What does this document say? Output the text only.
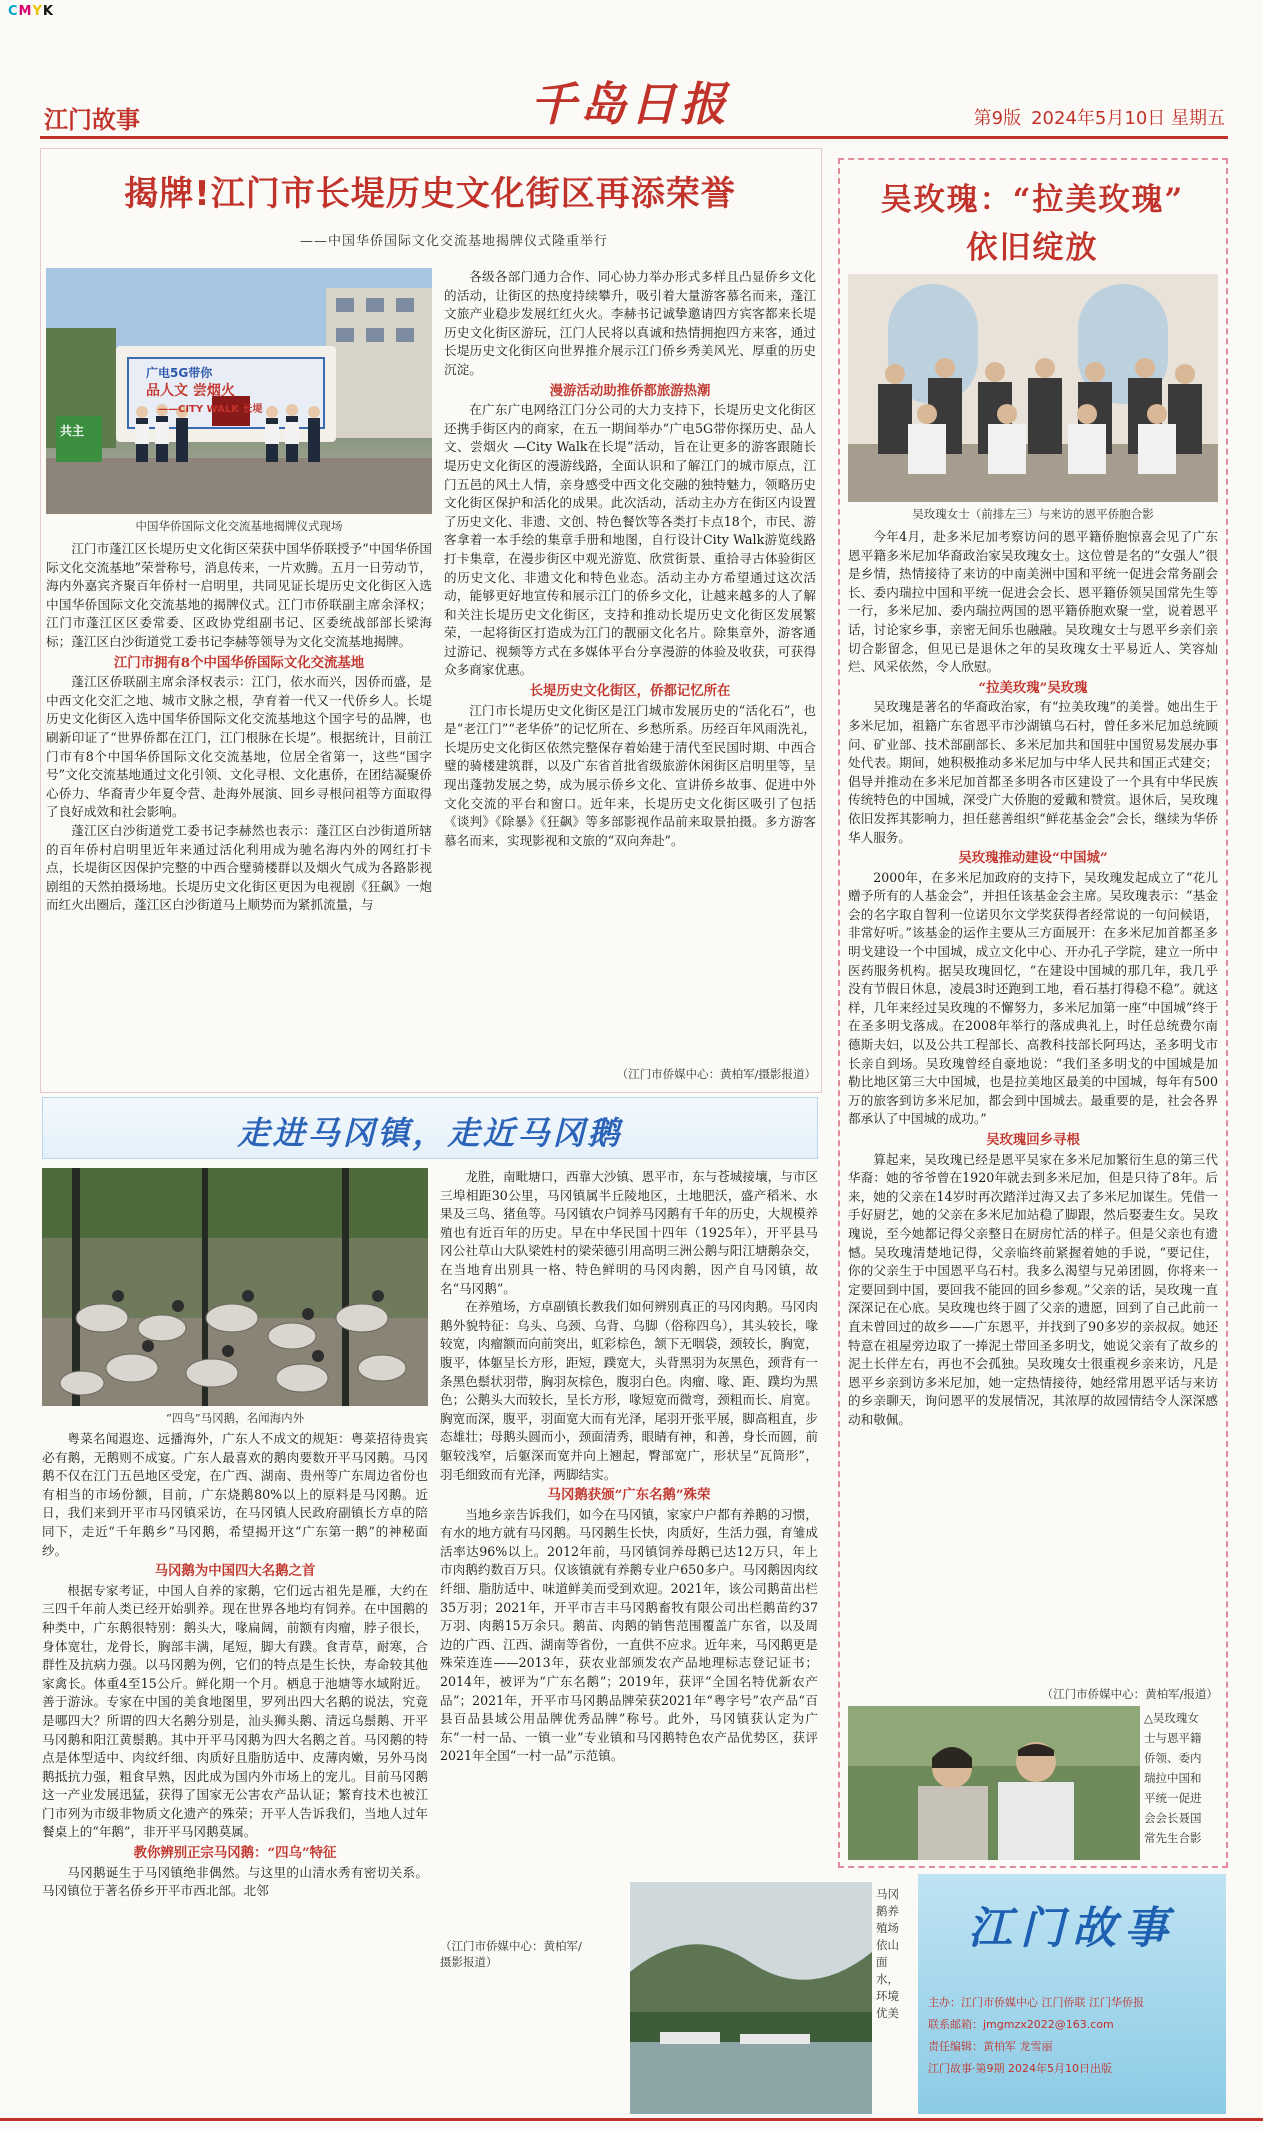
CMYK
江门故事	千岛日报	第9版 2024年5月10日 星期五
揭牌!江门市长堤历史文化街区再添荣誉
——中国华侨国际文化交流基地揭牌仪式隆重举行
广电5G带你
品人文 尝烟火
——CITY WALK 长堤
共主
中国华侨国际文化交流基地揭牌仪式现场

江门市蓬江区长堤历史文化街区荣获中国华侨联授予“中国华侨国际文化交流基地”荣誉称号，消息传来，一片欢腾。五月一日劳动节，海内外嘉宾齐聚百年侨村一启明里，共同见证长堤历史文化街区入选中国华侨国际文化交流基地的揭牌仪式。江门市侨联副主席余泽权；江门市蓬江区区委常委、区政协党组副书记、区委统战部部长梁海标；蓬江区白沙街道党工委书记李赫等领导为文化交流基地揭牌。

江门市拥有8个中国华侨国际文化交流基地

蓬江区侨联副主席余泽权表示：江门，依水而兴，因侨而盛，是中西文化交汇之地、城市文脉之根，孕育着一代又一代侨乡人。长堤历史文化街区入选中国华侨国际文化交流基地这个国字号的品牌，也刷新印证了“世界侨都在江门，江门根脉在长堤”。根据统计，目前江门市有8个中国华侨国际文化交流基地，位居全省第一，这些“国字号”文化交流基地通过文化引领、文化寻根、文化惠侨，在团结凝聚侨心侨力、华裔青少年夏令营、赴海外展演、回乡寻根问祖等方面取得了良好成效和社会影响。

蓬江区白沙街道党工委书记李赫然也表示：蓬江区白沙街道所辖的百年侨村启明里近年来通过活化利用成为驰名海内外的网红打卡点，长堤街区因保护完整的中西合璧骑楼群以及烟火气成为各路影视剧组的天然拍摄场地。长堤历史文化街区更因为电视剧《狂飙》一炮而红火出圈后，蓬江区白沙街道马上顺势而为紧抓流量，与

各级各部门通力合作、同心协力举办形式多样且凸显侨乡文化的活动，让街区的热度持续攀升，吸引着大量游客慕名而来，蓬江文旅产业稳步发展红红火火。李赫书记诚挚邀请四方宾客都来长堤历史文化街区游玩，江门人民将以真诚和热情拥抱四方来客，通过长堤历史文化街区向世界推介展示江门侨乡秀美风光、厚重的历史沉淀。

漫游活动助推侨都旅游热潮

在广东广电网络江门分公司的大力支持下，长堤历史文化街区还携手街区内的商家，在五一期间举办“广电5G带你探历史、品人文、尝烟火 —City Walk在长堤”活动，旨在让更多的游客跟随长堤历史文化街区的漫游线路，全面认识和了解江门的城市原点，江门五邑的风土人情，亲身感受中西文化交融的独特魅力，领略历史文化街区保护和活化的成果。此次活动，活动主办方在街区内设置了历史文化、非遗、文创、特色餐饮等各类打卡点18个，市民、游客拿着一本手绘的集章手册和地图，自行设计City Walk游览线路打卡集章，在漫步街区中观光游览、欣赏街景、重拾寻古体验街区的历史文化、非遗文化和特色业态。活动主办方希望通过这次活动，能够更好地宣传和展示江门的侨乡文化，让越来越多的人了解和关注长堤历史文化街区，支持和推动长堤历史文化街区发展繁荣，一起将街区打造成为江门的靓丽文化名片。除集章外，游客通过游记、视频等方式在多媒体平台分享漫游的体验及收获，可获得众多商家优惠。

长堤历史文化街区，侨都记忆所在

江门市长堤历史文化街区是江门城市发展历史的“活化石”，也是“老江门”“老华侨”的记忆所在、乡愁所系。历经百年风雨洗礼，长堤历史文化街区依然完整保存着始建于清代至民国时期、中西合璧的骑楼建筑群，以及广东省首批省级旅游休闲街区启明里等，呈现出蓬勃发展之势，成为展示侨乡文化、宣讲侨乡故事、促进中外文化交流的平台和窗口。近年来，长堤历史文化街区吸引了包括《谈判》《除暴》《狂飙》等多部影视作品前来取景拍摄。多方游客慕名而来，实现影视和文旅的“双向奔赴”。

（江门市侨媒中心：黄柏军/摄影报道）
走进马冈镇，走近马冈鹅
“四鸟”马冈鹅，名闻海内外

粤菜名闻遐迩、远播海外，广东人不成文的规矩：粤菜招待贵宾必有鹅，无鹅则不成宴。广东人最喜欢的鹅肉要数开平马冈鹅。马冈鹅不仅在江门五邑地区受宠，在广西、湖南、贵州等广东周边省份也有相当的市场份额，目前，广东烧鹅80%以上的原料是马冈鹅。近日，我们来到开平市马冈镇采访，在马冈镇人民政府副镇长方卓的陪同下，走近“千年鹅乡”马冈鹅，希望揭开这“广东第一鹅”的神秘面纱。

马冈鹅为中国四大名鹅之首

根据专家考证，中国人自养的家鹅，它们远古祖先是雁，大约在三四千年前人类已经开始驯养。现在世界各地均有饲养。在中国鹅的种类中，广东鹅很特别：鹅头大，喙扁阔，前额有肉瘤，脖子很长，身体宽壮，龙骨长，胸部丰满，尾短，脚大有蹼。食青草，耐寒，合群性及抗病力强。以马冈鹅为例，它们的特点是生长快，寿命较其他家禽长。体重4至15公斤。鲜化期一个月。栖息于池塘等水域附近。善于游泳。专家在中国的美食地图里，罗列出四大名鹅的说法，究竟是哪四大？所谓的四大名鹅分别是，汕头狮头鹅、清远乌鬃鹅、开平马冈鹅和阳江黄鬃鹅。其中开平马冈鹅为四大名鹅之首。马冈鹅的特点是体型适中、肉纹纤细、肉质好且脂肪适中、皮薄肉嫩，另外马岗鹅抵抗力强，粗食早熟，因此成为国内外市场上的宠儿。目前马冈鹅这一产业发展迅猛，获得了国家无公害农产品认证；繁育技术也被江门市列为市级非物质文化遗产的殊荣；开平人告诉我们，当地人过年餐桌上的“年鹅”，非开平马冈鹅莫属。

教你辨别正宗马冈鹅：“四乌”特征

马冈鹅诞生于马冈镇绝非偶然。与这里的山清水秀有密切关系。马冈镇位于著名侨乡开平市西北部。北邻

龙胜，南毗塘口，西靠大沙镇、恩平市，东与苍城接壤，与市区三埠相距30公里，马冈镇属半丘陵地区，土地肥沃，盛产稻米、水果及三鸟、猪鱼等。马冈镇农户饲养马冈鹅有千年的历史，大规模养殖也有近百年的历史。早在中华民国十四年（1925年），开平县马冈公社草山大队梁姓村的梁荣德引用高明三洲公鹅与阳江塘鹅杂交，在当地育出别具一格、特色鲜明的马冈肉鹅，因产自马冈镇，故名“马冈鹅”。

在养殖场，方卓副镇长教我们如何辨别真正的马冈肉鹅。马冈肉鹅外貌特征：乌头、乌颈、乌背、乌脚（俗称四乌），其头较长，喙较宽，肉瘤额而向前突出，虹彩棕色，颔下无咽袋，颈较长，胸宽，腹平，体躯呈长方形，距短，蹼宽大，头背黑羽为灰黑色，颈背有一条黑色鬃状羽带，胸羽灰棕色，腹羽白色。肉瘤、喙、距、蹼均为黑色；公鹅头大而较长，呈长方形，喙短宽而微弯，颈粗而长、肩宽。胸宽而深，腹平，羽面宽大而有光泽，尾羽开张平展，脚高粗直，步态雄壮；母鹅头圆而小，颈面清秀，眼睛有神，和善，身长而圆，前躯较浅窄，后躯深而宽并向上翘起，臀部宽广，形状呈“瓦筒形”，羽毛细致而有光泽，两脚结实。

马冈鹅获颁“广东名鹅”殊荣

当地乡亲告诉我们，如今在马冈镇，家家户户都有养鹅的习惯，有水的地方就有马冈鹅。马冈鹅生长快，肉质好，生活力强，育雏成活率达96%以上。2012年前，马冈镇饲养母鹅已达12万只，年上市肉鹅约数百万只。仅该镇就有养鹅专业户650多户。马冈鹅因肉纹纤细、脂肪适中、味道鲜美而受到欢迎。2021年，该公司鹅苗出栏35万羽；2021年，开平市吉丰马冈鹅畜牧有限公司出栏鹅苗约37万羽、肉鹅15万余只。鹅苗、肉鹅的销售范围覆盖广东省，以及周边的广西、江西、湖南等省份，一直供不应求。近年来，马冈鹅更是殊荣连连——2013年，获农业部颁发农产品地理标志登记证书；2014年，被评为“广东名鹅”；2019年，获评“全国名特优新农产品”；2021年，开平市马冈鹅品牌荣获2021年“粤字号”农产品“百县百品县域公用品牌优秀品牌”称号。此外，马冈镇获认定为广东“一村一品、一镇一业”专业镇和马冈鹅特色农产品优势区，获评2021年全国“一村一品”示范镇。

（江门市侨媒中心：黄柏军/摄影报道）
马冈
鹅养
殖场
依山
面水，
环境
优美
吴玫瑰：“拉美玫瑰”
依旧绽放
吴玫瑰女士（前排左三）与来访的恩平侨胞合影

今年4月，赴多米尼加考察访问的恩平籍侨胞惊喜会见了广东恩平籍多米尼加华裔政治家吴玫瑰女士。这位曾是名的“女强人”很是乡情，热情接待了来访的中南美洲中国和平统一促进会常务副会长、委内瑞拉中国和平统一促进会会长、恩平籍侨领吴国常先生等一行，多米尼加、委内瑞拉两国的恩平籍侨胞欢聚一堂，说着恩平话，讨论家乡事，亲密无间乐也融融。吴玫瑰女士与恩平乡亲们亲切合影留念，但见已是退休之年的吴玫瑰女士平易近人、笑容灿烂、风采依然，令人欣慰。

“拉美玫瑰”吴玫瑰

吴玫瑰是著名的华裔政治家，有“拉美玫瑰”的美誉。她出生于多米尼加，祖籍广东省恩平市沙湖镇乌石村，曾任多米尼加总统顾问、矿业部、技术部副部长、多米尼加共和国驻中国贸易发展办事处代表。期间，她积极推动多米尼加与中华人民共和国正式建交；倡导并推动在多米尼加首都圣多明各市区建设了一个具有中华民族传统特色的中国城，深受广大侨胞的爱戴和赞赏。退休后，吴玫瑰依旧发挥其影响力，担任慈善组织“鲜花基金会”会长，继续为华侨华人服务。

吴玫瑰推动建设“中国城”

2000年，在多米尼加政府的支持下，吴玫瑰发起成立了“花儿赠予所有的人基金会”，并担任该基金会主席。吴玫瑰表示：“基金会的名字取自智利一位诺贝尔文学奖获得者经常说的一句问候语，非常好听。”该基金的运作主要从三方面展开：在多米尼加首都圣多明戈建设一个中国城，成立文化中心、开办孔子学院，建立一所中医药服务机构。据吴玫瑰回忆，“在建设中国城的那几年，我几乎没有节假日休息，凌晨3时还跑到工地，看石基打得稳不稳”。就这样，几年来经过吴玫瑰的不懈努力，多米尼加第一座“中国城”终于在圣多明戈落成。在2008年举行的落成典礼上，时任总统费尔南德斯夫妇，以及公共工程部长、高教科技部长阿玛达，圣多明戈市长亲自到场。吴玫瑰曾经自豪地说：“我们圣多明戈的中国城是加勒比地区第三大中国城，也是拉美地区最美的中国城，每年有500万的旅客到访多米尼加，都会到中国城去。最重要的是，社会各界都承认了中国城的成功。”

吴玫瑰回乡寻根

算起来，吴玫瑰已经是恩平吴家在多米尼加繁衍生息的第三代华裔：她的爷爷曾在1920年就去到多米尼加，但是只待了8年。后来，她的父亲在14岁时再次踏洋过海又去了多米尼加谋生。凭借一手好厨艺，她的父亲在多米尼加站稳了脚跟，然后娶妻生女。吴玫瑰说，至今她都记得父亲整日在厨房忙活的样子。但是父亲也有遗憾。吴玫瑰清楚地记得，父亲临终前紧握着她的手说，“要记住，你的父亲生于中国恩平乌石村。我多么渴望与兄弟团圆，你将来一定要回到中国，要回我不能回的回乡参观。”父亲的话，吴玫瑰一直深深记在心底。吴玫瑰也终于圆了父亲的遗愿，回到了自己此前一直未曾回过的故乡——广东恩平，并找到了90多岁的亲叔叔。她还特意在祖屋旁边取了一捧泥土带回圣多明戈，她说父亲有了故乡的泥土长伴左右，再也不会孤独。吴玫瑰女士很重视乡亲来访，凡是恩平乡亲到访多米尼加，她一定热情接待，她经常用恩平话与来访的乡亲聊天，询问恩平的发展情况，其浓厚的故园情结令人深深感动和敬佩。

（江门市侨媒中心：黄柏军/报道）
△吴玫瑰女
士与恩平籍
侨领、委内
瑞拉中国和
平统一促进
会会长聂国
常先生合影
江门故事
主办：江门市侨媒中心 江门侨联 江门华侨报
联系邮箱：jmgmzx2022@163.com
责任编辑：黄柏军 龙雪丽
江门故事·第9期 2024年5月10日出版
